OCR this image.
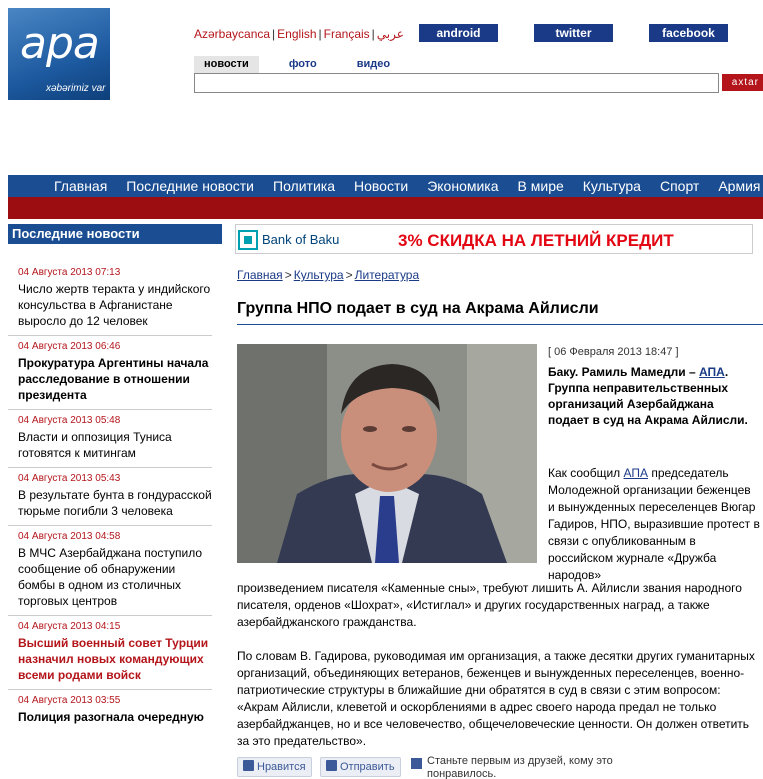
apa
xəbərimiz var
Azərbaycanca | English | Français | عربي	android	twitter	facebook
новости	фото	видео
axtar
Главная Последние новости Политика Новости Экономика В мире Культура Спорт Армия
Последние новости
04 Августа 2013 07:13
Число жертв теракта у индийского консульства в Афганистане выросло до 12 человек
04 Августа 2013 06:46
Прокуратура Аргентины начала расследование в отношении президента
04 Августа 2013 05:48
Власти и оппозиция Туниса готовятся к митингам
04 Августа 2013 05:43
В результате бунта в гондурасской тюрьме погибли 3 человека
04 Августа 2013 04:58
В МЧС Азербайджана поступило сообщение об обнаружении бомбы в одном из столичных торговых центров
04 Августа 2013 04:15
Высший военный совет Турции назначил новых командующих всеми родами войск
04 Августа 2013 03:55
Полиция разогнала очередную
Bank of Baku	3% СКИДКА НА ЛЕТНИЙ КРЕДИТ
Главная > Культура > Литература
Группа НПО подает в суд на Акрама Айлисли
[ 06 Февраля 2013 18:47 ]
Баку. Рамиль Мамедли – АПА. Группа неправительственных организаций Азербайджана подает в суд на Акрама Айлисли.
Как сообщил АПА председатель Молодежной организации беженцев и вынужденных переселенцев Вюгар Гадиров, НПО, выразившие протест в связи с опубликованным в российском журнале «Дружба народов»
произведением писателя «Каменные сны», требуют лишить А. Айлисли звания народного писателя, орденов «Шохрат», «Истиглал» и других государственных наград, а также азербайджанского гражданства.
По словам В. Гадирова, руководимая им организация, а также десятки других гуманитарных организаций, объединяющих ветеранов, беженцев и вынужденных переселенцев, военно-патриотические структуры в ближайшие дни обратятся в суд в связи с этим вопросом: «Акрам Айлисли, клеветой и оскорблениями в адрес своего народа предал не только азербайджанцев, но и все человечество, общечеловеческие ценности. Он должен ответить за это предательство».
Нравится	Отправить	Станьте первым из друзей, кому это понравилось.
